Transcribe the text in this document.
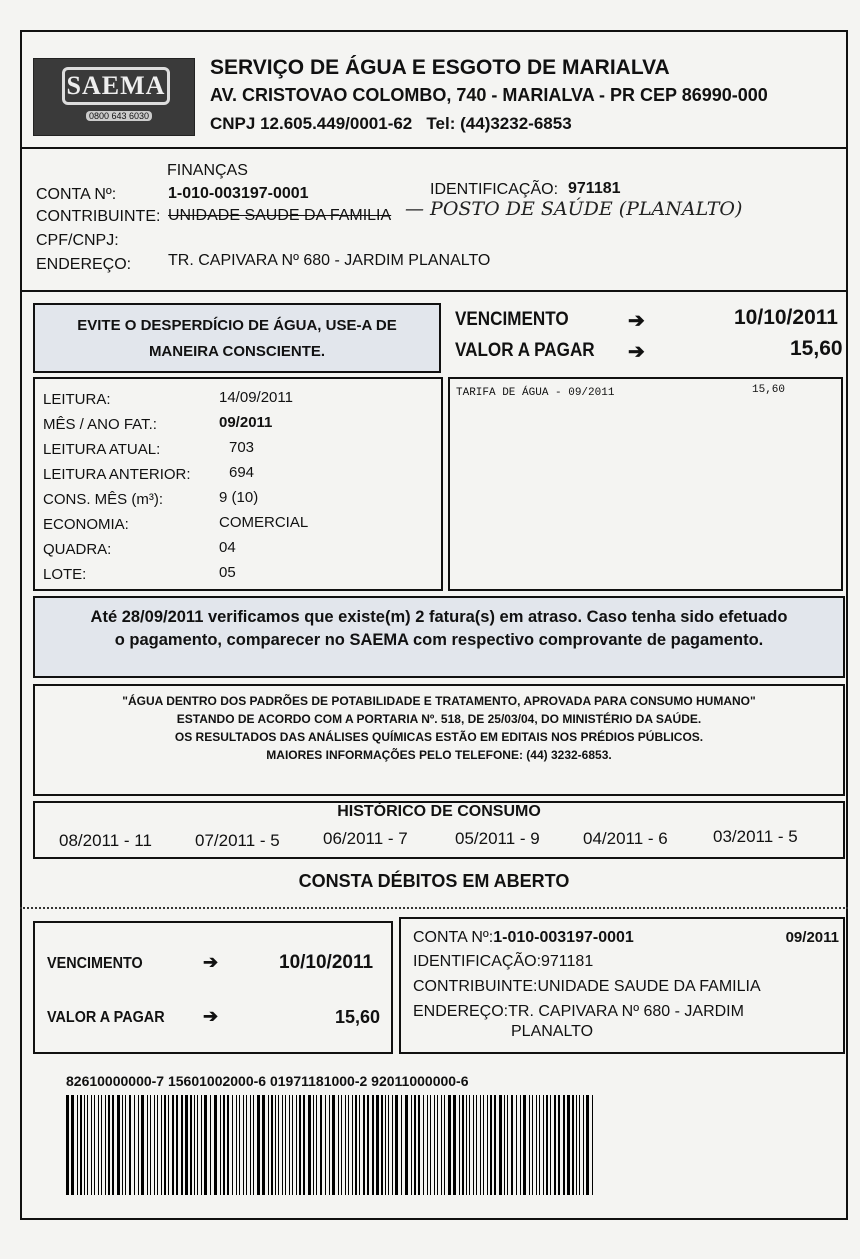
SAEMA
0800 643 6030
SERVIÇO DE ÁGUA E ESGOTO DE MARIALVA
AV. CRISTOVAO COLOMBO, 740 - MARIALVA - PR CEP 86990-000
CNPJ 12.605.449/0001-62   Tel: (44)3232-6853
FINANÇAS
CONTA Nº:	1-010-003197-0001	IDENTIFICAÇÃO: 971181
CONTRIBUINTE: UNIDADE SAUDE DA FAMILIA — POSTO DE SAÚDE (PLANALTO)
CPF/CNPJ:
ENDEREÇO: TR. CAPIVARA Nº 680 - JARDIM PLANALTO
EVITE O DESPERDÍCIO DE ÁGUA, USE-A DE
MANEIRA CONSCIENTE.
VENCIMENTO	➔	10/10/2011
VALOR A PAGAR ➔	15,60
LEITURA:	14/09/2011
MÊS / ANO FAT.:	09/2011
LEITURA ATUAL:	703
LEITURA ANTERIOR:	694
CONS. MÊS (m³):	9 (10)
ECONOMIA:	COMERCIAL
QUADRA:	04
LOTE:	05
TARIFA DE ÁGUA - 09/2011	15,60
Até 28/09/2011 verificamos que existe(m) 2 fatura(s) em atraso. Caso tenha sido efetuado
o pagamento, comparecer no SAEMA com respectivo comprovante de pagamento.
"ÁGUA DENTRO DOS PADRÕES DE POTABILIDADE E TRATAMENTO, APROVADA PARA CONSUMO HUMANO"
ESTANDO DE ACORDO COM A PORTARIA Nº. 518, DE 25/03/04, DO MINISTÉRIO DA SAÚDE.
OS RESULTADOS DAS ANÁLISES QUÍMICAS ESTÃO EM EDITAIS NOS PRÉDIOS PÚBLICOS.
MAIORES INFORMAÇÕES PELO TELEFONE: (44) 3232-6853.
HISTÓRICO DE CONSUMO
08/2011 - 11	07/2011 - 5	06/2011 - 7	05/2011 - 9	04/2011 - 6	03/2011 - 5
CONSTA DÉBITOS EM ABERTO
VENCIMENTO	➔	10/10/2011
VALOR A PAGAR ➔	15,60
CONTA Nº:1-010-003197-0001	09/2011
IDENTIFICAÇÃO:971181
CONTRIBUINTE:UNIDADE SAUDE DA FAMILIA
ENDEREÇO:TR. CAPIVARA Nº 680 - JARDIM
PLANALTO
82610000000-7 15601002000-6 01971181000-2 92011000000-6
